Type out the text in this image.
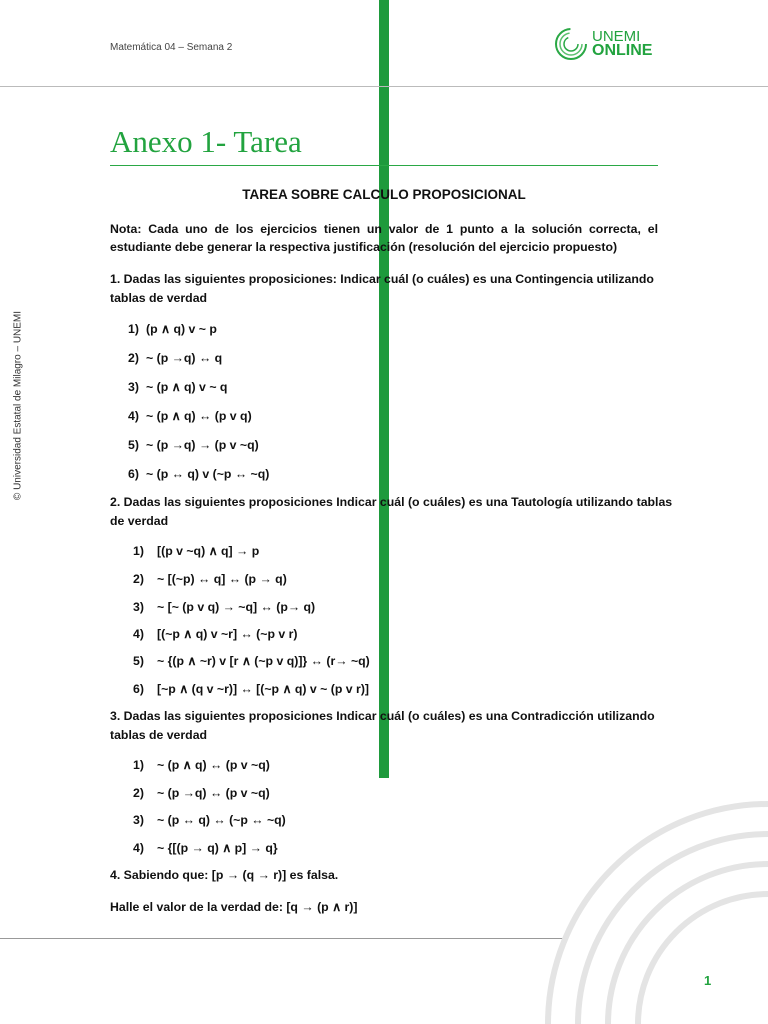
Matemática 04 – Semana 2
UNEMI
ONLINE
© Universidad Estatal de Milagro – UNEMI
Anexo 1- Tarea
TAREA SOBRE CALCULO PROPOSICIONAL
Nota: Cada uno de los ejercicios tienen un valor de 1 punto a la solución correcta, el
estudiante debe generar la respectiva justificación (resolución del ejercicio propuesto)
1. Dadas las siguientes proposiciones: Indicar cuál (o cuáles) es una Contingencia utilizando
tablas de verdad
1) (p ∧ q) v ~ p
2) ~ (p →q) ↔ q
3) ~ (p ∧ q) v ~ q
4) ~ (p ∧ q) ↔ (p v q)
5) ~ (p →q) → (p v ~q)
6) ~ (p ↔ q) v (~p ↔ ~q)
2. Dadas las siguientes proposiciones Indicar cuál (o cuáles) es una Tautología utilizando tablas
de verdad
1) [(p v ~q) ∧ q] → p
2) ~ [(~p) ↔ q] ↔ (p → q)
3) ~ [~ (p v q) → ~q] ↔ (p→ q)
4) [(~p ∧ q) v ~r] ↔ (~p v r)
5) ~ {(p ∧ ~r) v [r ∧ (~p v q)]} ↔ (r→ ~q)
6) [~p ∧ (q v ~r)] ↔ [(~p ∧ q) v ~ (p v r)]
3. Dadas las siguientes proposiciones Indicar cuál (o cuáles) es una Contradicción utilizando
tablas de verdad
1) ~ (p ∧ q) ↔ (p v ~q)
2) ~ (p →q) ↔ (p v ~q)
3) ~ (p ↔ q) ↔ (~p ↔ ~q)
4) ~ {[(p → q) ∧ p] → q}
4. Sabiendo que: [p → (q → r)] es falsa.
Halle el valor de la verdad de: [q → (p ∧ r)]
1
